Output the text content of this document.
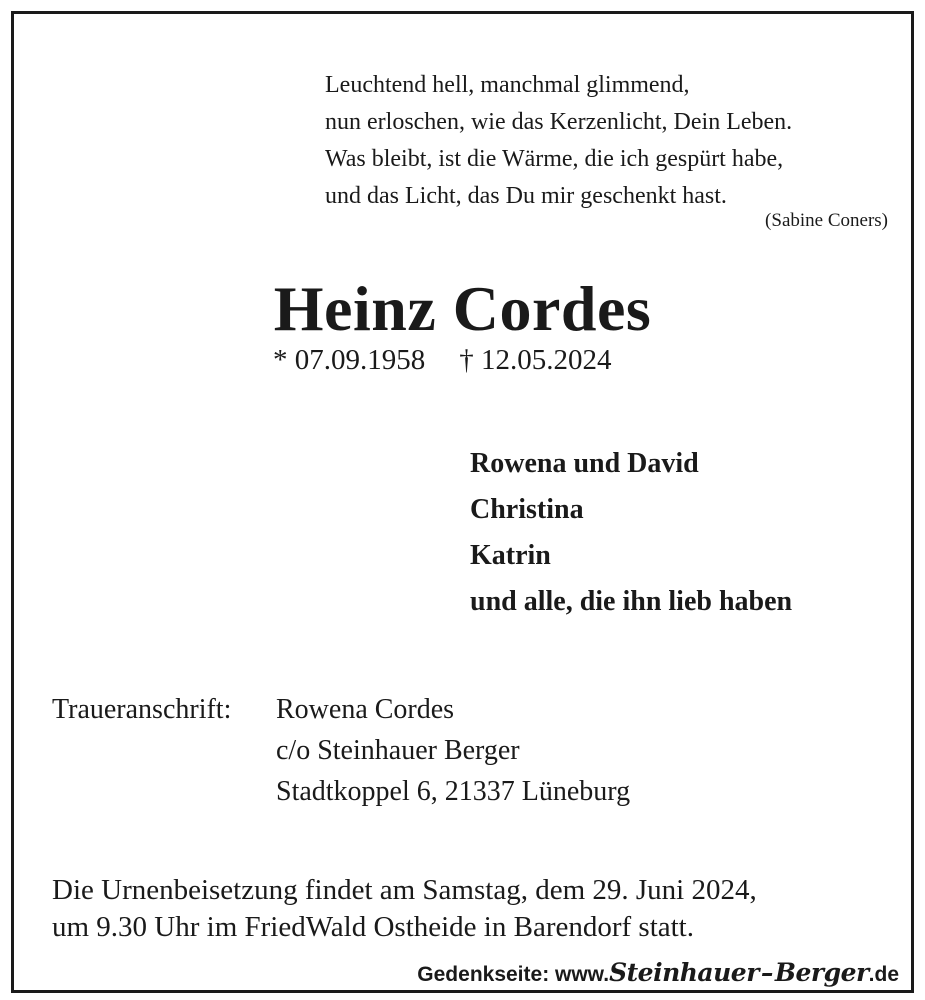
Leuchtend hell, manchmal glimmend,
nun erloschen, wie das Kerzenlicht, Dein Leben.
Was bleibt, ist die Wärme, die ich gespürt habe,
und das Licht, das Du mir geschenkt hast.
(Sabine Coners)
Heinz Cordes
* 07.09.1958 † 12.05.2024
Rowena und David
Christina
Katrin
und alle, die ihn lieb haben
Traueranschrift: Rowena Cordes
c/o Steinhauer Berger
Stadtkoppel 6, 21337 Lüneburg
Die Urnenbeisetzung findet am Samstag, dem 29. Juni 2024,
um 9.30 Uhr im FriedWald Ostheide in Barendorf statt.
Gedenkseite: www. Steinhauer – Berger .de
